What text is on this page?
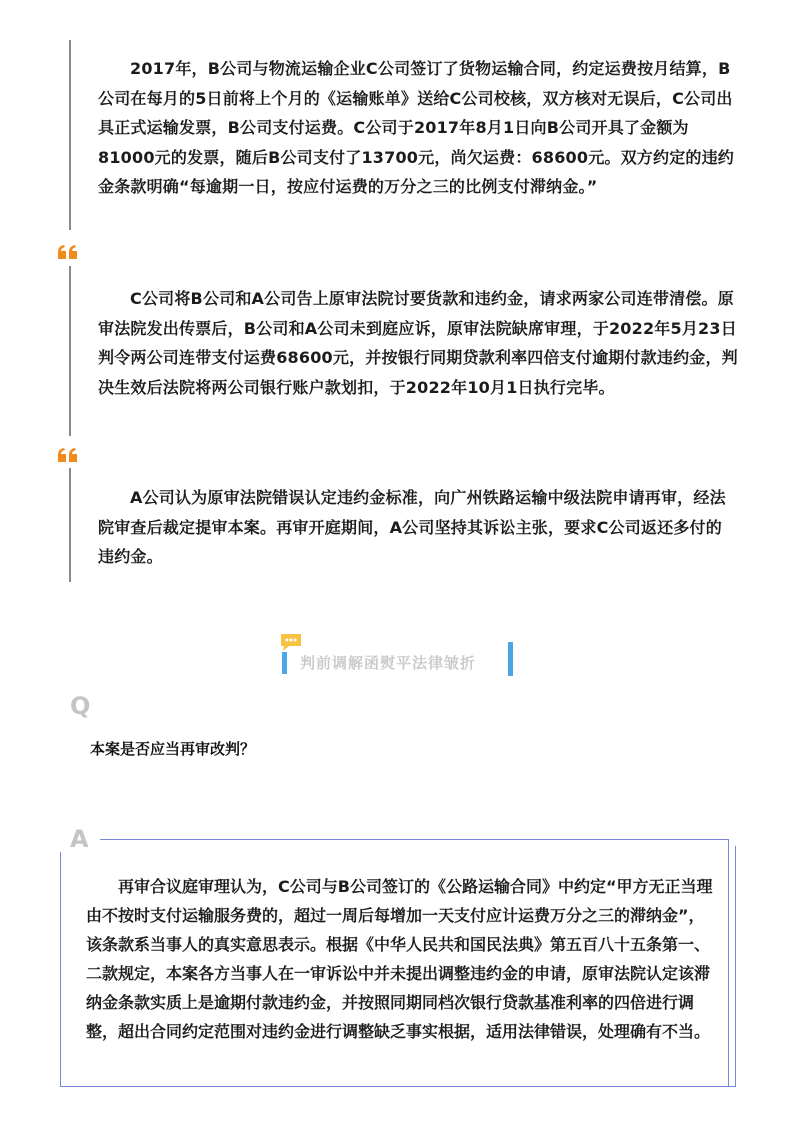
2017年，B公司与物流运输企业C公司签订了货物运输合同，约定运费按月结算，B公司在每月的5日前将上个月的《运输账单》送给C公司校核，双方核对无误后，C公司出具正式运输发票，B公司支付运费。C公司于2017年8月1日向B公司开具了金额为81000元的发票，随后B公司支付了13700元，尚欠运费：68600元。双方约定的违约金条款明确“每逾期一日，按应付运费的万分之三的比例支付滞纳金。”

C公司将B公司和A公司告上原审法院讨要货款和违约金，请求两家公司连带清偿。原审法院发出传票后，B公司和A公司未到庭应诉，原审法院缺席审理，于2022年5月23日判令两公司连带支付运费68600元，并按银行同期贷款利率四倍支付逾期付款违约金，判决生效后法院将两公司银行账户款划扣，于2022年10月1日执行完毕。

A公司认为原审法院错误认定违约金标准，向广州铁路运输中级法院申请再审，经法院审查后裁定提审本案。再审开庭期间，A公司坚持其诉讼主张，要求C公司返还多付的违约金。

判前调解函熨平法律皱折
Q
本案是否应当再审改判？
A

再审合议庭审理认为，C公司与B公司签订的《公路运输合同》中约定“甲方无正当理由不按时支付运输服务费的，超过一周后每增加一天支付应计运费万分之三的滞纳金”，该条款系当事人的真实意思表示。根据《中华人民共和国民法典》第五百八十五条第一、二款规定，本案各方当事人在一审诉讼中并未提出调整违约金的申请，原审法院认定该滞纳金条款实质上是逾期付款违约金，并按照同期同档次银行贷款基准利率的四倍进行调整，超出合同约定范围对违约金进行调整缺乏事实根据，适用法律错误，处理确有不当。
